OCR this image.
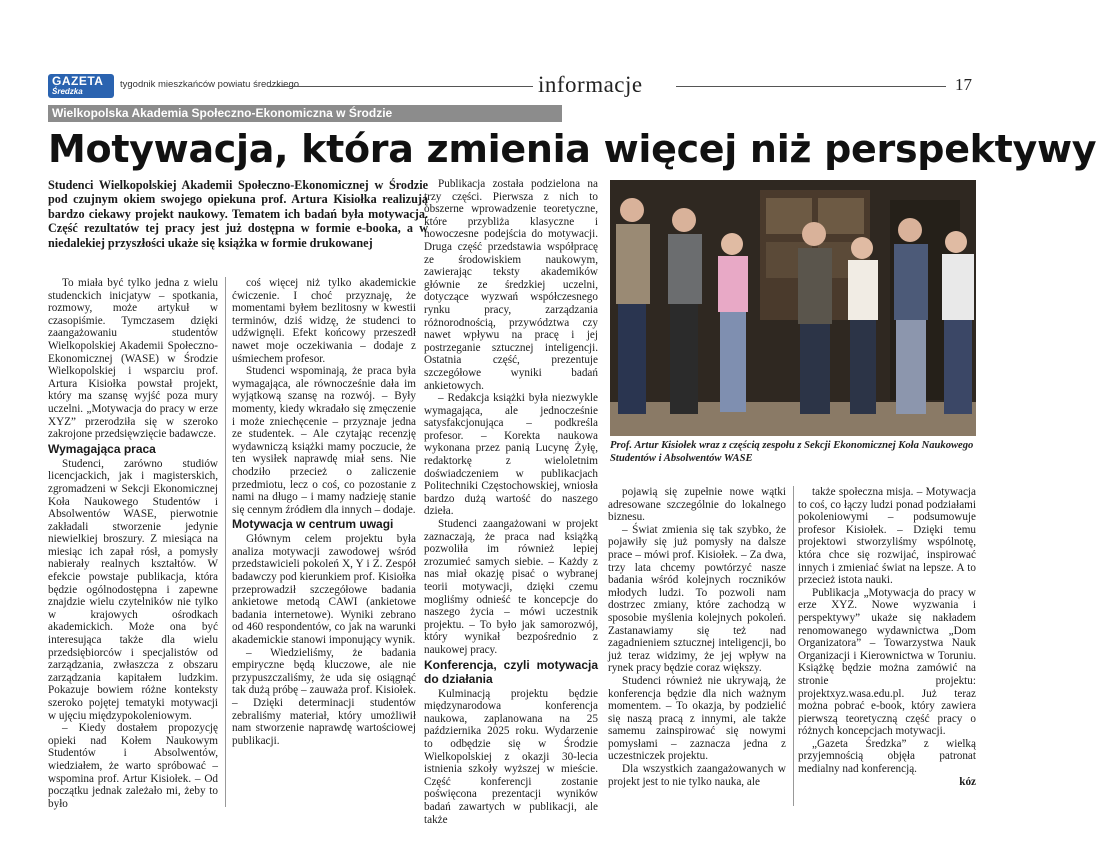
GAZETA
Średzka
tygodnik mieszkańców powiatu średzkiego	informacje	17
Wielkopolska Akademia Społeczno-Ekonomiczna w Środzie
Motywacja, która zmienia więcej niż perspektywy
Studenci Wielkopolskiej Akademii Społeczno-Ekonomicznej w Środzie pod czujnym okiem swojego opiekuna prof. Artura Kisiołka realizują bardzo ciekawy projekt naukowy. Tematem ich badań była motywacja. Część rezultatów tej pracy jest już dostępna w formie e-booka, a w niedalekiej przyszłości ukaże się książka w formie drukowanej

To miała być tylko jedna z wielu studenckich inicjatyw – spotkania, rozmowy, może artykuł w czasopiśmie. Tymczasem dzięki zaangażowaniu studentów Wielkopolskiej Akademii Społeczno-Ekonomicznej (WASE) w Środzie Wielkopolskiej i wsparciu prof. Artura Kisiołka powstał projekt, który ma szansę wyjść poza mury uczelni. „Motywacja do pracy w erze XYZ” przerodziła się w szeroko zakrojone przedsięwzięcie badawcze.

Wymagająca praca

Studenci, zarówno studiów licencjackich, jak i magisterskich, zgromadzeni w Sekcji Ekonomicznej Koła Naukowego Studentów i Absolwentów WASE, pierwotnie zakładali stworzenie jedynie niewielkiej broszury. Z miesiąca na miesiąc ich zapał rósł, a pomysły nabierały realnych kształtów. W efekcie powstaje publikacja, która będzie ogólnodostępna i zapewne znajdzie wielu czytelników nie tylko w krajowych ośrodkach akademickich. Może ona być interesująca także dla wielu przedsiębiorców i specjalistów od zarządzania, zwłaszcza z obszaru zarządzania kapitałem ludzkim. Pokazuje bowiem różne konteksty szeroko pojętej tematyki motywacji w ujęciu międzypokoleniowym.

– Kiedy dostałem propozycję opieki nad Kołem Naukowym Studentów i Absolwentów, wiedziałem, że warto spróbować – wspomina prof. Artur Kisiołek. – Od początku jednak zależało mi, żeby to było

coś więcej niż tylko akademickie ćwiczenie. I choć przyznaję, że momentami byłem bezlitosny w kwestii terminów, dziś widzę, że studenci to udźwignęli. Efekt końcowy przeszedł nawet moje oczekiwania – dodaje z uśmiechem profesor.

Studenci wspominają, że praca była wymagająca, ale równocześnie dała im wyjątkową szansę na rozwój. – Były momenty, kiedy wkradało się zmęczenie i może zniechęcenie – przyznaje jedna ze studentek. – Ale czytając recenzję wydawniczą książki mamy poczucie, że ten wysiłek naprawdę miał sens. Nie chodziło przecież o zaliczenie przedmiotu, lecz o coś, co pozostanie z nami na długo – i mamy nadzieję stanie się cennym źródłem dla innych – dodaje.

Motywacja w centrum uwagi

Głównym celem projektu była analiza motywacji zawodowej wśród przedstawicieli pokoleń X, Y i Z. Zespół badawczy pod kierunkiem prof. Kisiołka przeprowadził szczegółowe badania ankietowe metodą CAWI (ankietowe badania internetowe). Wyniki zebrano od 460 respondentów, co jak na warunki akademickie stanowi imponujący wynik.

– Wiedzieliśmy, że badania empiryczne będą kluczowe, ale nie przypuszczaliśmy, że uda się osiągnąć tak dużą próbę – zauważa prof. Kisiołek. – Dzięki determinacji studentów zebraliśmy materiał, który umożliwił nam stworzenie naprawdę wartościowej publikacji.

Publikacja została podzielona na trzy części. Pierwsza z nich to obszerne wprowadzenie teoretyczne, które przybliża klasyczne i nowoczesne podejścia do motywacji. Druga część przedstawia współpracę ze środowiskiem naukowym, zawierając teksty akademików głównie ze średzkiej uczelni, dotyczące wyzwań współczesnego rynku pracy, zarządzania różnorodnością, przywództwa czy nawet wpływu na pracę i jej postrzeganie sztucznej inteligencji. Ostatnia część, prezentuje szczegółowe wyniki badań ankietowych.

– Redakcja książki była niezwykle wymagająca, ale jednocześnie satysfakcjonująca – podkreśla profesor. – Korekta naukowa wykonana przez panią Lucynę Żyłę, redaktorkę z wieloletnim doświadczeniem w publikacjach Politechniki Częstochowskiej, wniosła bardzo dużą wartość do naszego dzieła.

Studenci zaangażowani w projekt zaznaczają, że praca nad książką pozwoliła im również lepiej zrozumieć samych siebie. – Każdy z nas miał okazję pisać o wybranej teorii motywacji, dzięki czemu mogliśmy odnieść te koncepcje do naszego życia – mówi uczestnik projektu. – To było jak samorozwój, który wynikał bezpośrednio z naukowej pracy.

Konferencja, czyli motywacja do działania

Kulminacją projektu będzie międzynarodowa konferencja naukowa, zaplanowana na 25 października 2025 roku. Wydarzenie to odbędzie się w Środzie Wielkopolskiej z okazji 30-lecia istnienia szkoły wyższej w mieście. Część konferencji zostanie poświęcona prezentacji wyników badań zawartych w publikacji, ale także

Prof. Artur Kisiołek wraz z częścią zespołu z Sekcji Ekonomicznej Koła Naukowego Studentów i Absolwentów WASE

pojawią się zupełnie nowe wątki adresowane szczególnie do lokalnego biznesu.

– Świat zmienia się tak szybko, że pojawiły się już pomysły na dalsze prace – mówi prof. Kisiołek. – Za dwa, trzy lata chcemy powtórzyć nasze badania wśród kolejnych roczników młodych ludzi. To pozwoli nam dostrzec zmiany, które zachodzą w sposobie myślenia kolejnych pokoleń. Zastanawiamy się też nad zagadnieniem sztucznej inteligencji, bo już teraz widzimy, że jej wpływ na rynek pracy będzie coraz większy.

Studenci również nie ukrywają, że konferencja będzie dla nich ważnym momentem. – To okazja, by podzielić się naszą pracą z innymi, ale także samemu zainspirować się nowymi pomysłami – zaznacza jedna z uczestniczek projektu.

Dla wszystkich zaangażowanych w projekt jest to nie tylko nauka, ale

także społeczna misja. – Motywacja to coś, co łączy ludzi ponad podziałami pokoleniowymi – podsumowuje profesor Kisiołek. – Dzięki temu projektowi stworzyliśmy wspólnotę, która chce się rozwijać, inspirować innych i zmieniać świat na lepsze. A to przecież istota nauki.

Publikacja „Motywacja do pracy w erze XYZ. Nowe wyzwania i perspektywy” ukaże się nakładem renomowanego wydawnictwa „Dom Organizatora” – Towarzystwa Nauk Organizacji i Kierownictwa w Toruniu. Książkę będzie można zamówić na stronie projektu: projektxyz.wasa.edu.pl. Już teraz można pobrać e-book, który zawiera pierwszą teoretyczną część pracy o różnych koncepcjach motywacji.

„Gazeta Średzka” z wielką przyjemnością objęła patronat medialny nad konferencją.

kóz
